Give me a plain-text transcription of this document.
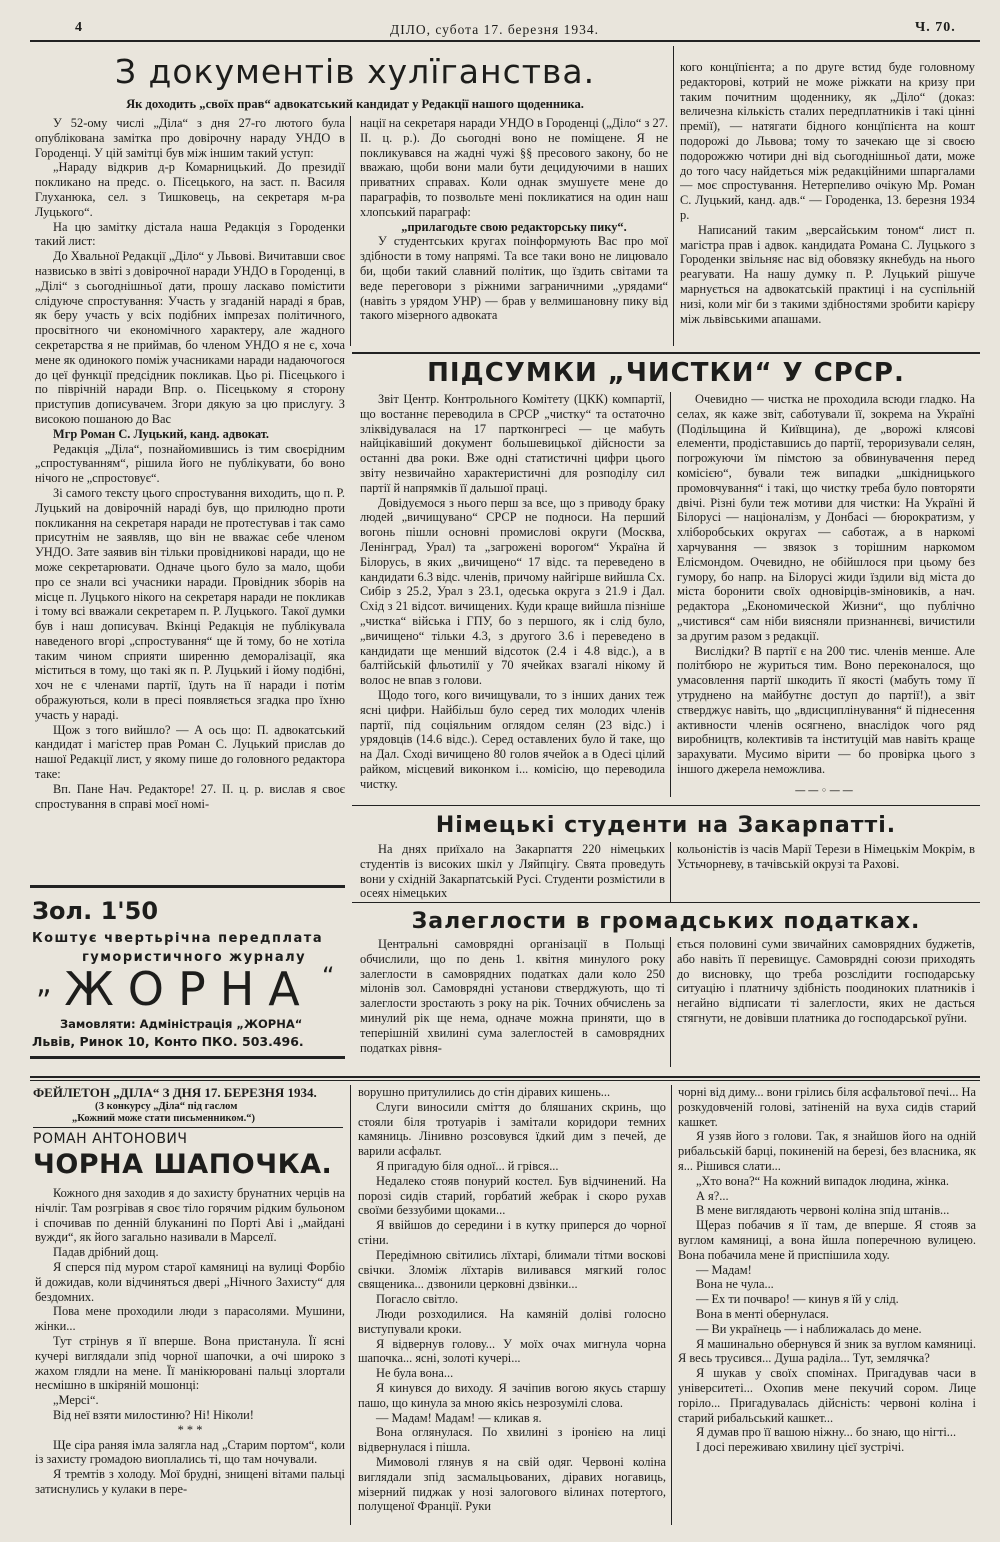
4	ДІЛО, субота 17. березня 1934.	Ч. 70.
З документів хулїганства.
Як доходить „своїх прав“ адвокатський кандидат у Редакції нашого щоденника.

У 52-ому числі „Діла“ з дня 27-го лютого була опублікована замітка про довірочну нараду УНДО в Городенці. У цій замітці був між іншим такий уступ:

„Нараду відкрив д-р Комарницький. До президії покликано на предс. о. Пісецького, на заст. п. Василя Глуханюка, сел. з Тишковець, на секретаря м-ра Луцького“.

На цю замітку дістала наша Редакція з Городенки такий лист:

До Хвальної Редакції „Діло“ у Львові. Вичитавши своє назвисько в звіті з довірочної наради УНДО в Городенці, в „Ділі“ з сьогоднішньої дати, прошу ласкаво помістити слідуюче спростування: Участь у згаданій нараді я брав, як беру участь у всіх подібних імпрезах політичного, просвітного чи економічного характеру, але жадного секретарства я не приймав, бо членом УНДО я не є, хоча мене як одинокого поміж учасниками наради надаючогося до цеї функції предсідник покликав. Цьо рі. Пісецького і по піврічній наради Впр. о. Пісецькому я сторону приступив дописувачем. Згори дякую за цю прислугу. З високою пошаною до Вас

Мгр Роман С. Луцький, канд. адвокат.

Редакція „Діла“, познайомившись із тим своєрідним „спростуванням“, рішила його не публікувати, бо воно нічого не „спростовує“.

Зі самого тексту цього спростування виходить, що п. Р. Луцький на довірочній нараді був, що прилюдно проти покликання на секретаря наради не протестував і так само присутнім не заявляв, що він не вважає себе членом УНДО. Зате заявив він тільки провідникові наради, що не може секретарювати. Одначе цього було за мало, щоби про се знали всі учасники наради. Провідник зборів на місце п. Луцького нікого на секретаря наради не покликав і тому всі вважали секретарем п. Р. Луцького. Такої думки був і наш дописувач. Вкінці Редакція не публікувала наведеного вгорі „спростування“ ще й тому, бо не хотіла таким чином сприяти ширенню деморалізації, яка міститься в тому, що такі як п. Р. Луцький і йому подібні, хоч не є членами партії, їдуть на її наради і потім ображуються, коли в пресі появляється згадка про їхню участь у нараді.

Щож з того вийшло? — А ось що: П. адвокатський кандидат і магістер прав Роман С. Луцький прислав до нашої Редакції лист, у якому пише до головного редактора таке:

Вп. Пане Нач. Редакторе! 27. II. ц. р. вислав я своє спростування в справі моєї номі-

нації на секретаря наради УНДО в Городенці („Діло“ з 27. II. ц. р.). До сьогодні воно не поміщене. Я не покликувався на жадні чужі §§ пресового закону, бо не вважаю, щоби вони мали бути децидуючими в наших приватних справах. Коли однак змушуєте мене до параграфів, то позвольте мені покликатися на один наш хлопський параграф:

„прилагодьте свою редакторську пику“.

У студентських кругах поінформують Вас про мої здібности в тому напрямі. Та все таки воно не лицювало би, щоби такий славний політик, що їздить світами та веде переговори з ріжними заграничними „урядами“ (навіть з урядом УНР) — брав у велмишановну пику від такого мізерного адвоката

кого концїпієнта; а по друге встид буде головному редакторові, котрий не може ріжкати на кризу при таким почитним щоденнику, як „Діло“ (доказ: величезна кількість сталих передплатників і такі цінні премії), — натягати бідного концїпієнта на кошт подорожі до Львова; тому то зачекаю ще зі своєю подорожжю чотири дні від сьогоднішньої дати, може до того часу найдеться між редакційними шпаргалами — моє спростування. Нетерпеливо очікую Мр. Роман С. Луцький, канд. адв.“ — Городенка, 13. березня 1934 р.

Написаний таким „версайським тоном“ лист п. магістра прав і адвок. кандидата Романа С. Луцького з Городенки звільняє нас від обовязку якнебудь на нього реагувати. На нашу думку п. Р. Луцький рішуче марнується на адвокатській практиці і на суспільній низі, коли міг би з такими здібностями зробити карієру між львівськими апашами.

ПІДСУМКИ „ЧИСТКИ“ У СРСР.

Звіт Центр. Контрольного Комітету (ЦКК) компартії, що востаннє переводила в СРСР „чистку“ та остаточно зліквідувалася на 17 партконгресі — це мабуть найцікавіший документ большевицької дійсности за останні два роки. Вже одні статистичні цифри цього звіту незвичайно характеристичні для розподілу сил партії й напрямків її дальшої праці.

Довідуємося з нього перш за все, що з приводу браку людей „вичищувано“ СРСР не подноси. На перший вогонь пішли основні промислові округи (Москва, Ленінград, Урал) та „загрожені ворогом“ Україна й Білорусь, в яких „вичищено“ 17 відс. та переведено в кандидати 6.3 відс. членів, причому найгірше вийшла Сх. Сибір з 25.2, Урал з 23.1, одеська округа з 21.9 і Дал. Схід з 21 відсот. вичищених. Куди краще вийшла пізніше „чистка“ війська і ГПУ, бо з першого, як і слід було, „вичищено“ тільки 4.3, з другого 3.6 і переведено в кандидати ще менший відсоток (2.4 і 4.8 відс.), а в балтійській фльотилії у 70 ячейках взагалі нікому й волос не впав з голови.

Щодо того, кого вичищували, то з інших даних теж ясні цифри. Найбільш було серед тих молодих членів партії, під соціяльним оглядом селян (23 відс.) і урядовців (14.6 відс.). Серед оставлених було й таке, що на Дал. Сході вичищено 80 голов ячейок а в Одесі цілий райком, місцевий виконком і... комісію, що переводила чистку.

Очевидно — чистка не проходила всюди гладко. На селах, як каже звіт, саботували її, зокрема на Україні (Подільщина й Київщина), де „ворожі клясові елементи, продіставшись до партії, тероризували селян, погрожуючи їм пімстою за обвинувачення перед комісією“, бували теж випадки „шкідницького промовчування“ і такі, що чистку треба було повторяти двічі. Різні були теж мотиви для чистки: На Україні й Білорусі — націоналізм, у Донбасі — бюрократизм, у хліборобських округах — саботаж, а в наркомі харчування — звязок з торішним наркомом Елісмондом. Очевидно, не обійшлося при цьому без гумору, бо напр. на Білорусі жиди їздили від міста до міста боронити своїх одновірців-зміновиків, а нач. редактора „Економической Жизни“, що публічно „чистився“ сам ніби виясняли признаннєві, вичистили за другим разом з редакції.

Вислідки? В партії є на 200 тис. членів менше. Але політбюро не журиться тим. Воно переконалося, що умасовлення партії шкодить її якості (мабуть тому її утруднено на майбутнє доступ до партії!), а звіт стверджує навіть, що „вдисциплінування“ й піднесення активности членів осягнено, внаслідок чого ряд виробництв, колективів та інституцій мав навіть краще зарахувати. Мусимо вірити — бо провірка цього з іншого джерела неможлива.

——◦——
Німецькі студенти на Закарпатті.

На днях приїхало на Закарпаття 220 німецьких студентів із високих шкіл у Ляйпцігу. Свята проведуть вони у східній Закарпатській Русі. Студенти розмістили в осеях німецьких

кольоністів із часів Марії Терези в Німецькім Мокрім, в Устьчорневу, в тачівській окрузі та Рахові.

Залеглости в громадських податках.

Центральні самоврядні організації в Польщі обчислили, що по день 1. квітня минулого року залеглости в самоврядних податках дали коло 250 мілонів зол. Самоврядні установи стверджують, що ті залеглости зростають з року на рік. Точних обчислень за минулий рік ще нема, одначе можна приняти, що в теперішній хвилині сума залеглостей в самоврядних податках рівня-

ється половині суми звичайних самоврядних буджетів, або навіть її перевищує. Самоврядні союзи приходять до висновку, що треба розслідити господарську ситуацію і платничу здібність поодиноких платників і негайно відписати ті залеглости, яких не дасться стягнути, не довівши платника до господарської руїни.

Зол. 1'50
Коштує чвертьрічна передплата
гумористичного журналу
„ ЖОРНА “
Замовляти: Адміністрація „ЖОРНА“
Львів, Ринок 10, Конто ПКО. 503.496.
ФЕЙЛЕТОН „ДІЛА“ З ДНЯ 17. БЕРЕЗНЯ 1934.
(З конкурсу „Діла“ під гаслом
„Кожний може стати письменником.“)
РОМАН АНТОНОВИЧ
ЧОРНА ШАПОЧКА.

Кожного дня заходив я до захисту брунатних черців на нічліг. Там розгрівав я своє тіло горячим рідким бульоном і спочивав по денній блуканині по Порті Аві і „майдані вужди“, як його загально називали в Марселї.

Падав дрібний дощ.

Я сперся під муром старої камяниці на вулиці Форбіо й дожидав, коли відчиняться двері „Нічного Захисту“ для бездомних.

Пова мене проходили люди з парасолями. Мушини, жінки...

Тут стрінув я її вперше. Вона пристанула. Її ясні кучері виглядали зпід чорної шапочки, а очі широко з жахом глядли на мене. Її манікюровані пальці злортали несмішно в шкіряній мошонці:

„Мерсі“.

Від неї взяти милостиню? Ні! Ніколи!

* * *

Ще сіра раняя імла залягла над „Старим портом“, коли із захисту громадою виоплались ті, що там ночували.

Я тремтів з холоду. Мої брудні, знищені вітами пальці затиснулись у кулаки в пере-

ворушно притулились до стін діравих кишень...

Слуги виносили сміття до бляшаних скринь, що стояли біля тротуарів і замітали коридори темних камяниць. Лінивно розсовувся їдкий дим з печей, де варили асфальт.

Я пригадую біля одної... й грівся...

Недалеко стояв понурий костел. Був відчинений. На порозі сидів старий, горбатий жебрак і скоро рухав своїми беззубими щоками...

Я ввійшов до середини і в кутку приперся до чорної стіни.

Передімною світились лїхтарі, блимали тітми воскові свічки. Зломіж лїхтарів виливався мягкий голос священика... дзвонили церковні дзвінки...

Погасло світло.

Люди розходилися. На камяній доліві голосно виступували кроки.

Я відвернув голову... У моїх очах мигнула чорна шапочка... ясні, золоті кучері...

Не була вона...

Я кинувся до виходу. Я зачіпив вогою якусь старшу пашо, що кинула за мною якісь незрозумілі слова.

— Мадам! Мадам! — кликав я.

Вона оглянулася. По хвилині з іронією на лиці відвернулася і пішла.

Мимоволі глянув я на свій одяг. Червоні коліна виглядали зпід засмальцьованих, діравих ногавиць, мізерний пиджак у нозі залогового вілинах потертого, полущеної Франції. Руки

чорні від диму... вони грілись біля асфальтової печі... На розкудовченій голові, затіненій на вуха сидів старий кашкет.

Я узяв його з голови. Так, я знайшов його на одній рибальській барці, покиненій на березі, без власника, як я... Рішився слати...

„Хто вона?“ На кожний випадок людина, жінка.

А я?...

В мене виглядають червоні коліна зпід штанів...

Щераз побачив я її там, де вперше. Я стояв за вуглом камяниці, а вона йшла поперечною вулицею. Вона побачила мене й приспішила ходу.

— Мадам!

Вона не чула...

— Ех ти почваро! — кинув я їй у слід.

Вона в менті обернулася.

— Ви українець — і наближалась до мене.

Я машинально обернувся й зник за вуглом камяниці. Я весь трусився... Душа раділа... Тут, землячка?

Я шукав у своїх спомінах. Пригадував часи в університеті... Охопив мене пекучий сором. Лице горіло... Пригадувалась дійсність: червоні коліна і старий рибальський кашкет...

Я думав про її вашою ніжну... бо знаю, що нігті...

І досі переживаю хвилину цієї зустрічі.
